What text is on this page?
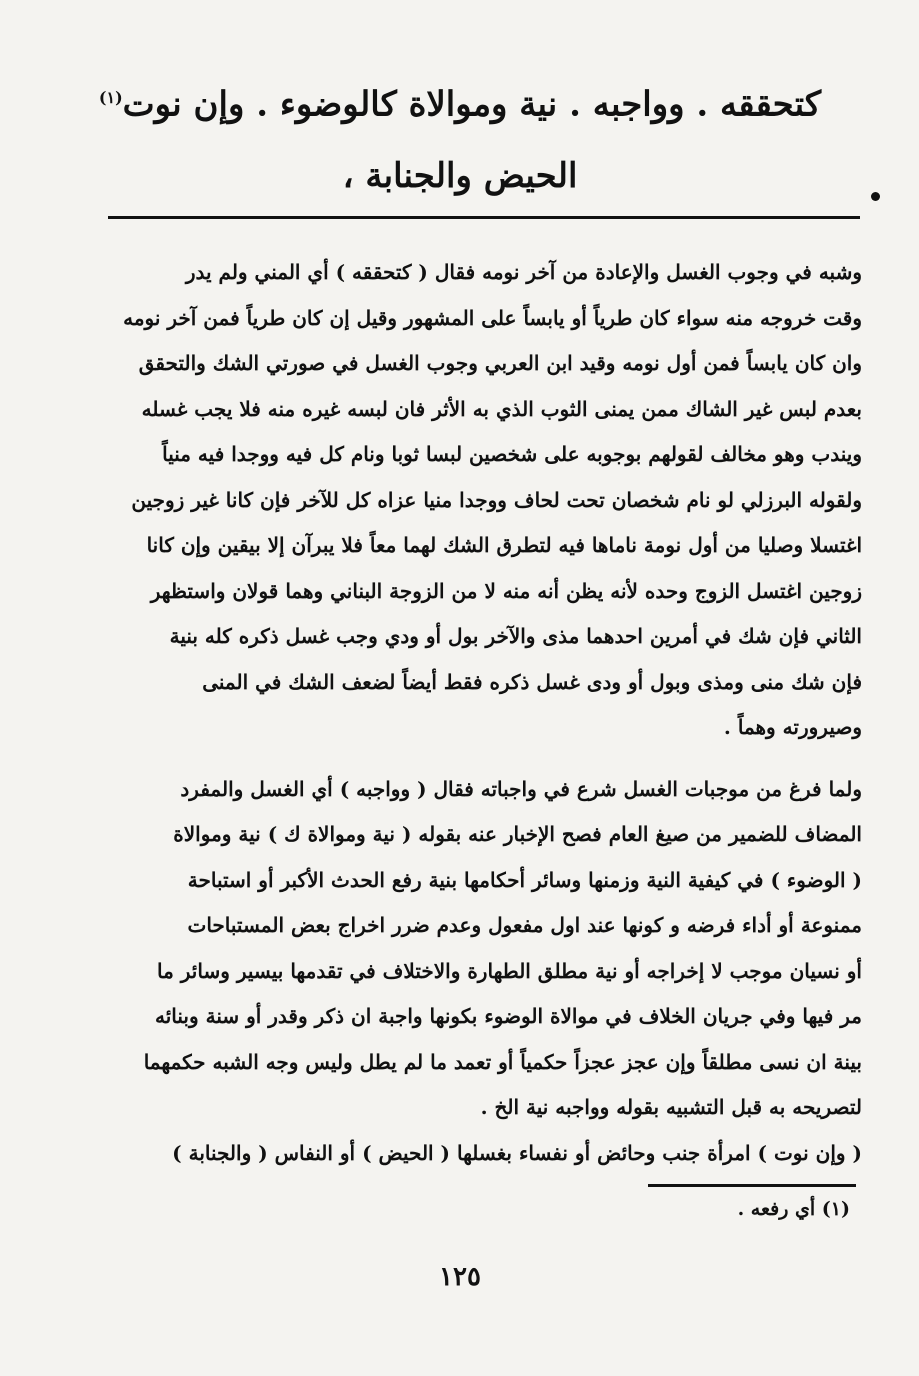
كتحققه . وواجبه . نية وموالاة كالوضوء . وإن نوت$^{(١)}$
الحيض والجنابة ،
وشبه في وجوب الغسل والإعادة من آخر نومه فقال ( كتحققه ) أي المني ولم يدر
وقت خروجه منه سواء كان طرياً أو يابساً على المشهور وقيل إن كان طرياً فمن آخر نومه
وان كان يابساً فمن أول نومه وقيد ابن العربي وجوب الغسل في صورتي الشك والتحقق
بعدم لبس غير الشاك ممن يمنى الثوب الذي به الأثر فان لبسه غيره منه فلا يجب غسله
ويندب وهو مخالف لقولهم بوجوبه على شخصين لبسا ثوبا ونام كل فيه ووجدا فيه منياً
ولقوله البرزلي لو نام شخصان تحت لحاف ووجدا منيا عزاه كل للآخر فإن كانا غير زوجين
اغتسلا وصليا من أول نومة ناماها فيه لتطرق الشك لهما معاً فلا يبرآن إلا بيقين وإن كانا
زوجين اغتسل الزوج وحده لأنه يظن أنه منه لا من الزوجة البناني وهما قولان واستظهر
الثاني فإن شك في أمرين احدهما مذى والآخر بول أو ودي وجب غسل ذكره كله بنية
فإن شك منى ومذى وبول أو ودى غسل ذكره فقط أيضاً لضعف الشك في المنى
وصيرورته وهماً .
ولما فرغ من موجبات الغسل شرع في واجباته فقال ( وواجبه ) أي الغسل والمفرد
المضاف للضمير من صيغ العام فصح الإخبار عنه بقوله ( نية وموالاة ك ) نية وموالاة
( الوضوء ) في كيفية النية وزمنها وسائر أحكامها بنية رفع الحدث الأكبر أو استباحة
ممنوعة أو أداء فرضه و كونها عند اول مفعول وعدم ضرر اخراج بعض المستباحات
أو نسيان موجب لا إخراجه أو نية مطلق الطهارة والاختلاف في تقدمها بيسير وسائر ما
مر فيها وفي جريان الخلاف في موالاة الوضوء بكونها واجبة ان ذكر وقدر أو سنة وبنائه
بينة ان نسى مطلقاً وإن عجز عجزاً حكمياً أو تعمد ما لم يطل وليس وجه الشبه حكمهما
لتصريحه به قبل التشبيه بقوله وواجبه نية الخ .
( وإن نوت ) امرأة جنب وحائض أو نفساء بغسلها ( الحيض ) أو النفاس ( والجنابة )
(١) أي رفعه .
١٢٥
